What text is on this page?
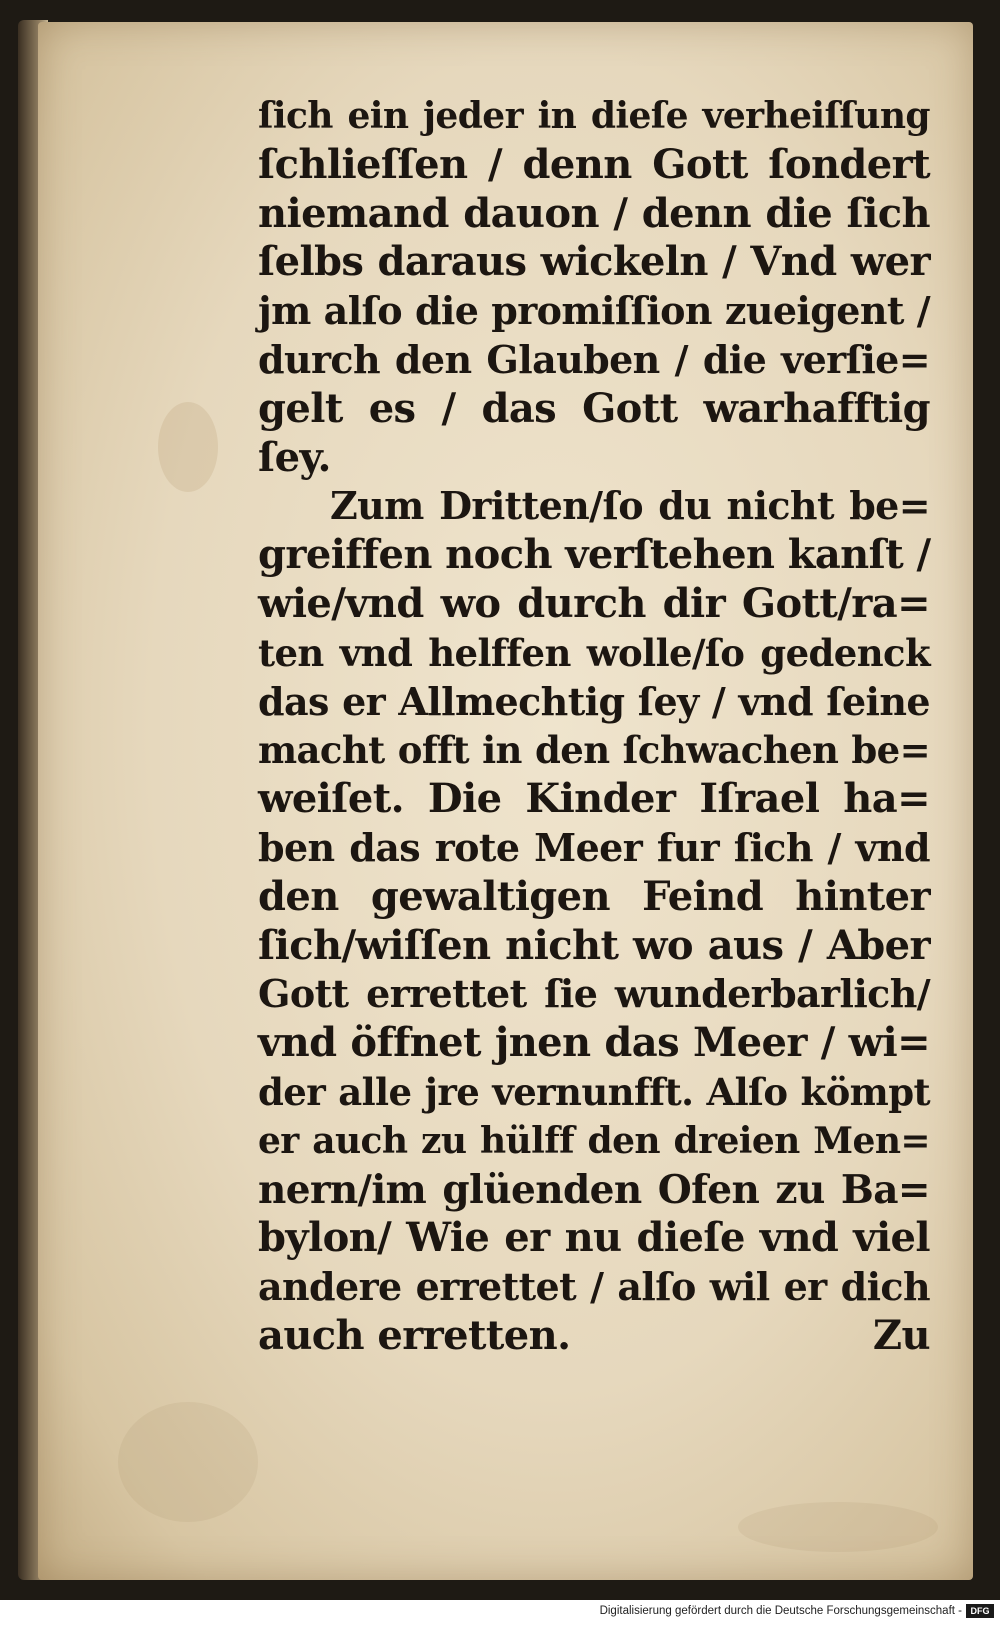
ſich ein jeder in dieſe verheiſſung
ſchlieſſen / denn Gott ſondert
niemand dauon / denn die ſich
ſelbs daraus wickeln / Vnd wer
jm alſo die promiſſion zueigent /
durch den Glauben / die verſie=
gelt es / das Gott warhafftig
ſey.
Zum Dritten/ſo du nicht be=
greiffen noch verſtehen kanſt /
wie/vnd wo durch dir Gott/ra=
ten vnd helffen wolle/ſo gedenck
das er Allmechtig ſey / vnd ſeine
macht offt in den ſchwachen be=
weiſet. Die Kinder Iſrael ha=
ben das rote Meer fur ſich / vnd
den gewaltigen Feind hinter
ſich/wiſſen nicht wo aus / Aber
Gott errettet ſie wunderbarlich/
vnd öffnet jnen das Meer / wi=
der alle jre vernunfft. Alſo kömpt
er auch zu hülff den dreien Men=
nern/im glüenden Ofen zu Ba=
bylon/ Wie er nu dieſe vnd viel
andere errettet / alſo wil er dich
auch erretten.	Zu
Digitalisierung gefördert durch die Deutsche Forschungsgemeinschaft - DFG
